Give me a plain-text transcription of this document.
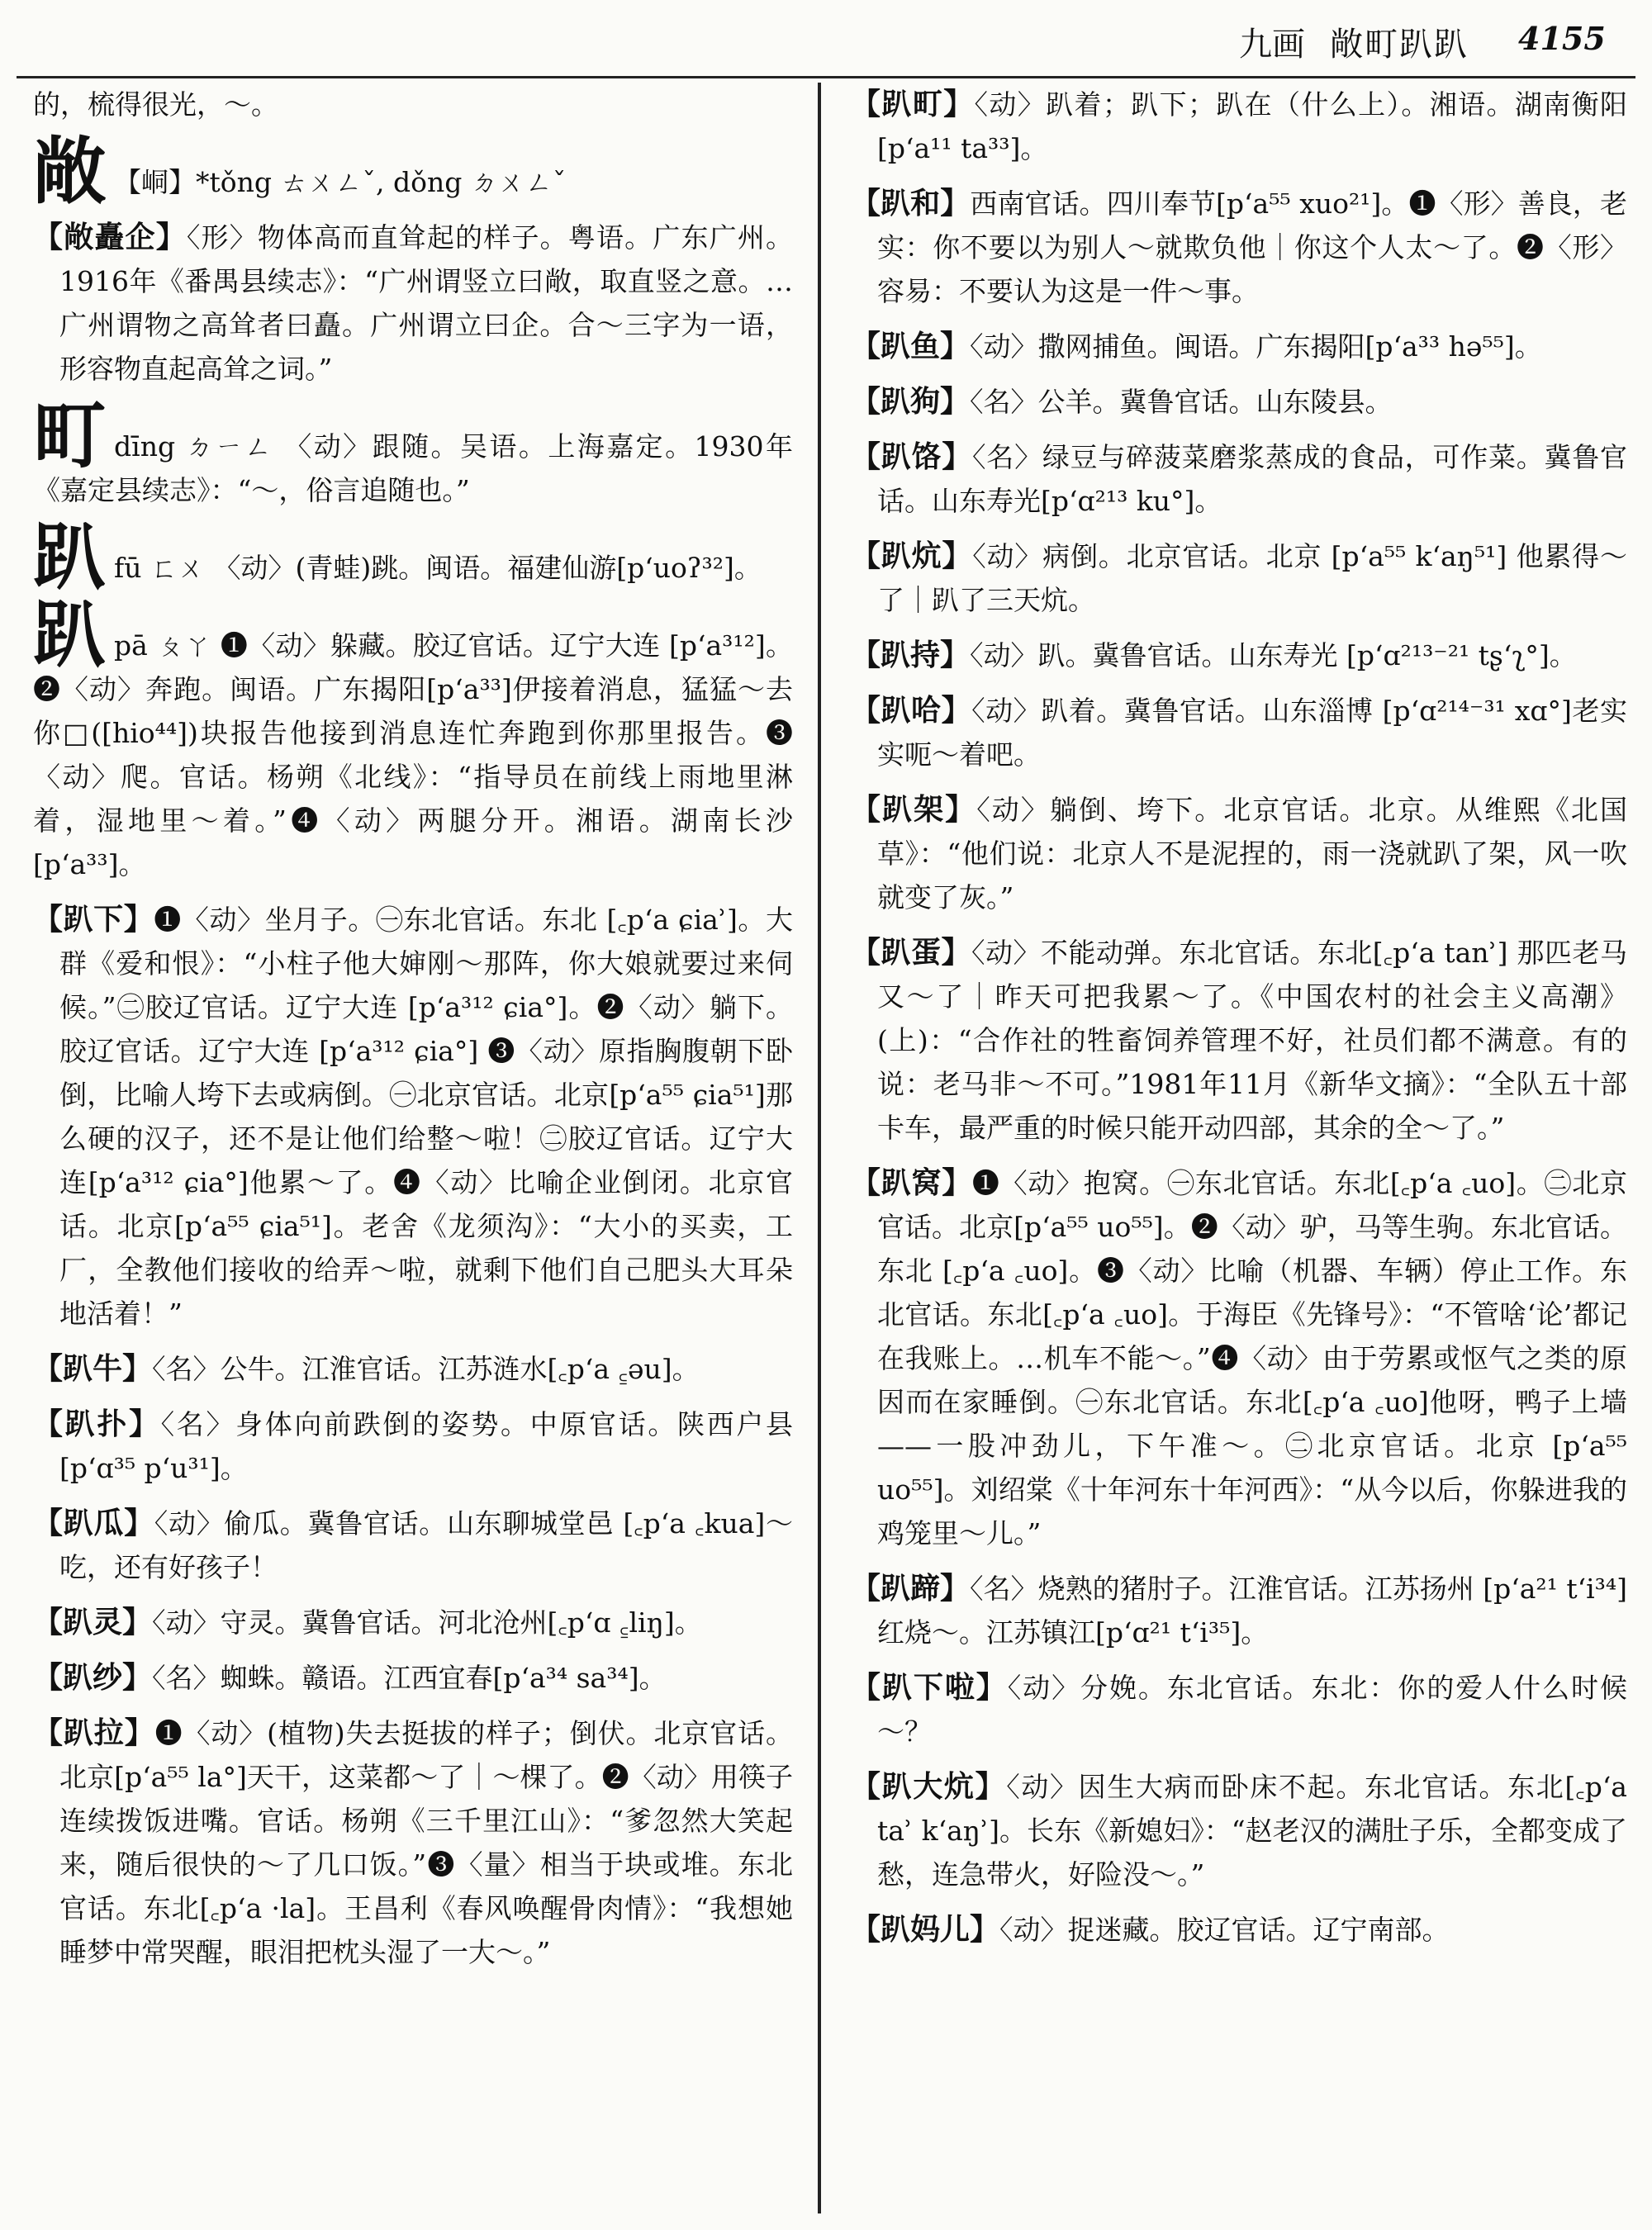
九画 敞町趴趴 4155

的，梳得很光，～。

敞 【峒】*tǒng ㄊㄨㄥˇ, dǒng ㄉㄨㄥˇ

【敞矗企】〈形〉物体高而直耸起的样子。粤语。广东广州。1916年《番禺县续志》：“广州谓竖立曰敞，取直竖之意。…广州谓物之高耸者曰矗。广州谓立曰企。合～三字为一语，形容物直起高耸之词。”

町dīng ㄉㄧㄥ 〈动〉跟随。吴语。上海嘉定。1930年《嘉定县续志》：“～，俗言追随也。”

趴fū ㄈㄨ 〈动〉(青蛙)跳。闽语。福建仙游[pʻuoʔ³²]。

趴pā ㄆㄚ ❶〈动〉躲藏。胶辽官话。辽宁大连 [pʻa³¹²]。❷〈动〉奔跑。闽语。广东揭阳[pʻa³³]伊接着消息，猛猛～去你□([hio⁴⁴])块报告他接到消息连忙奔跑到你那里报告。❸〈动〉爬。官话。杨朔《北线》：“指导员在前线上雨地里淋着，湿地里～着。”❹〈动〉两腿分开。湘语。湖南长沙 [pʻa³³]。

【趴下】❶〈动〉坐月子。㊀东北官话。东北 [꜀pʻa ɕiaʾ]。大群《爱和恨》：“小柱子他大婶刚～那阵，你大娘就要过来伺候。”㊁胶辽官话。辽宁大连 [pʻa³¹² ɕia°]。❷〈动〉躺下。胶辽官话。辽宁大连 [pʻa³¹² ɕia°] ❸〈动〉原指胸腹朝下卧倒，比喻人垮下去或病倒。㊀北京官话。北京[pʻa⁵⁵ ɕia⁵¹]那么硬的汉子，还不是让他们给整～啦！㊁胶辽官话。辽宁大连[pʻa³¹² ɕia°]他累～了。❹〈动〉比喻企业倒闭。北京官话。北京[pʻa⁵⁵ ɕia⁵¹]。老舍《龙须沟》：“大小的买卖，工厂，全教他们接收的给弄～啦，就剩下他们自己肥头大耳朵地活着！”

【趴牛】〈名〉公牛。江淮官话。江苏涟水[꜀pʻa ꜁əu]。

【趴扑】〈名〉身体向前跌倒的姿势。中原官话。陕西户县[pʻɑ³⁵ pʻu³¹]。

【趴瓜】〈动〉偷瓜。冀鲁官话。山东聊城堂邑 [꜀pʻa ꜀kua]～吃，还有好孩子！

【趴灵】〈动〉守灵。冀鲁官话。河北沧州[꜀pʻɑ ꜁liŋ]。

【趴纱】〈名〉蜘蛛。赣语。江西宜春[pʻa³⁴ sa³⁴]。

【趴拉】❶〈动〉(植物)失去挺拔的样子；倒伏。北京官话。北京[pʻa⁵⁵ la°]天干，这菜都～了｜～棵了。❷〈动〉用筷子连续拨饭进嘴。官话。杨朔《三千里江山》：“爹忽然大笑起来，随后很快的～了几口饭。”❸〈量〉相当于块或堆。东北官话。东北[꜀pʻa ·la]。王昌利《春风唤醒骨肉情》：“我想她睡梦中常哭醒，眼泪把枕头湿了一大～。”

【趴町】〈动〉趴着；趴下；趴在（什么上）。湘语。湖南衡阳[pʻa¹¹ ta³³]。

【趴和】西南官话。四川奉节[pʻa⁵⁵ xuo²¹]。❶〈形〉善良，老实：你不要以为别人～就欺负他｜你这个人太～了。❷〈形〉容易：不要认为这是一件～事。

【趴鱼】〈动〉撒网捕鱼。闽语。广东揭阳[pʻa³³ hə⁵⁵]。

【趴狗】〈名〉公羊。冀鲁官话。山东陵县。

【趴饹】〈名〉绿豆与碎菠菜磨浆蒸成的食品，可作菜。冀鲁官话。山东寿光[pʻɑ²¹³ ku°]。

【趴炕】〈动〉病倒。北京官话。北京 [pʻa⁵⁵ kʻaŋ⁵¹] 他累得～了｜趴了三天炕。

【趴持】〈动〉趴。冀鲁官话。山东寿光 [pʻɑ²¹³⁻²¹ tʂʻʅ°]。

【趴哈】〈动〉趴着。冀鲁官话。山东淄博 [pʻɑ²¹⁴⁻³¹ xɑ°]老实实呃～着吧。

【趴架】〈动〉躺倒、垮下。北京官话。北京。从维熙《北国草》：“他们说：北京人不是泥捏的，雨一浇就趴了架，风一吹就变了灰。”

【趴蛋】〈动〉不能动弹。东北官话。东北[꜀pʻa tanʾ] 那匹老马又～了｜昨天可把我累～了。《中国农村的社会主义高潮》(上)：“合作社的牲畜饲养管理不好，社员们都不满意。有的说：老马非～不可。”1981年11月《新华文摘》：“全队五十部卡车，最严重的时候只能开动四部，其余的全～了。”

【趴窝】❶〈动〉抱窝。㊀东北官话。东北[꜀pʻa ꜀uo]。㊁北京官话。北京[pʻa⁵⁵ uo⁵⁵]。❷〈动〉驴，马等生驹。东北官话。东北 [꜀pʻa ꜀uo]。❸〈动〉比喻（机器、车辆）停止工作。东北官话。东北[꜀pʻa ꜀uo]。于海臣《先锋号》：“不管啥‘论’都记在我账上。…机车不能～。”❹〈动〉由于劳累或怄气之类的原因而在家睡倒。㊀东北官话。东北[꜀pʻa ꜀uo]他呀，鸭子上墙——一股冲劲儿，下午准～。㊁北京官话。北京 [pʻa⁵⁵ uo⁵⁵]。刘绍棠《十年河东十年河西》：“从今以后，你躲进我的鸡笼里～儿。”

【趴蹄】〈名〉烧熟的猪肘子。江淮官话。江苏扬州 [pʻa²¹ tʻi³⁴] 红烧～。江苏镇江[pʻɑ²¹ tʻi³⁵]。

【趴下啦】〈动〉分娩。东北官话。东北：你的爱人什么时候～？

【趴大炕】〈动〉因生大病而卧床不起。东北官话。东北[꜀pʻa taʾ kʻaŋʾ]。长东《新媳妇》：“赵老汉的满肚子乐，全都变成了愁，连急带火，好险没～。”

【趴妈儿】〈动〉捉迷藏。胶辽官话。辽宁南部。
